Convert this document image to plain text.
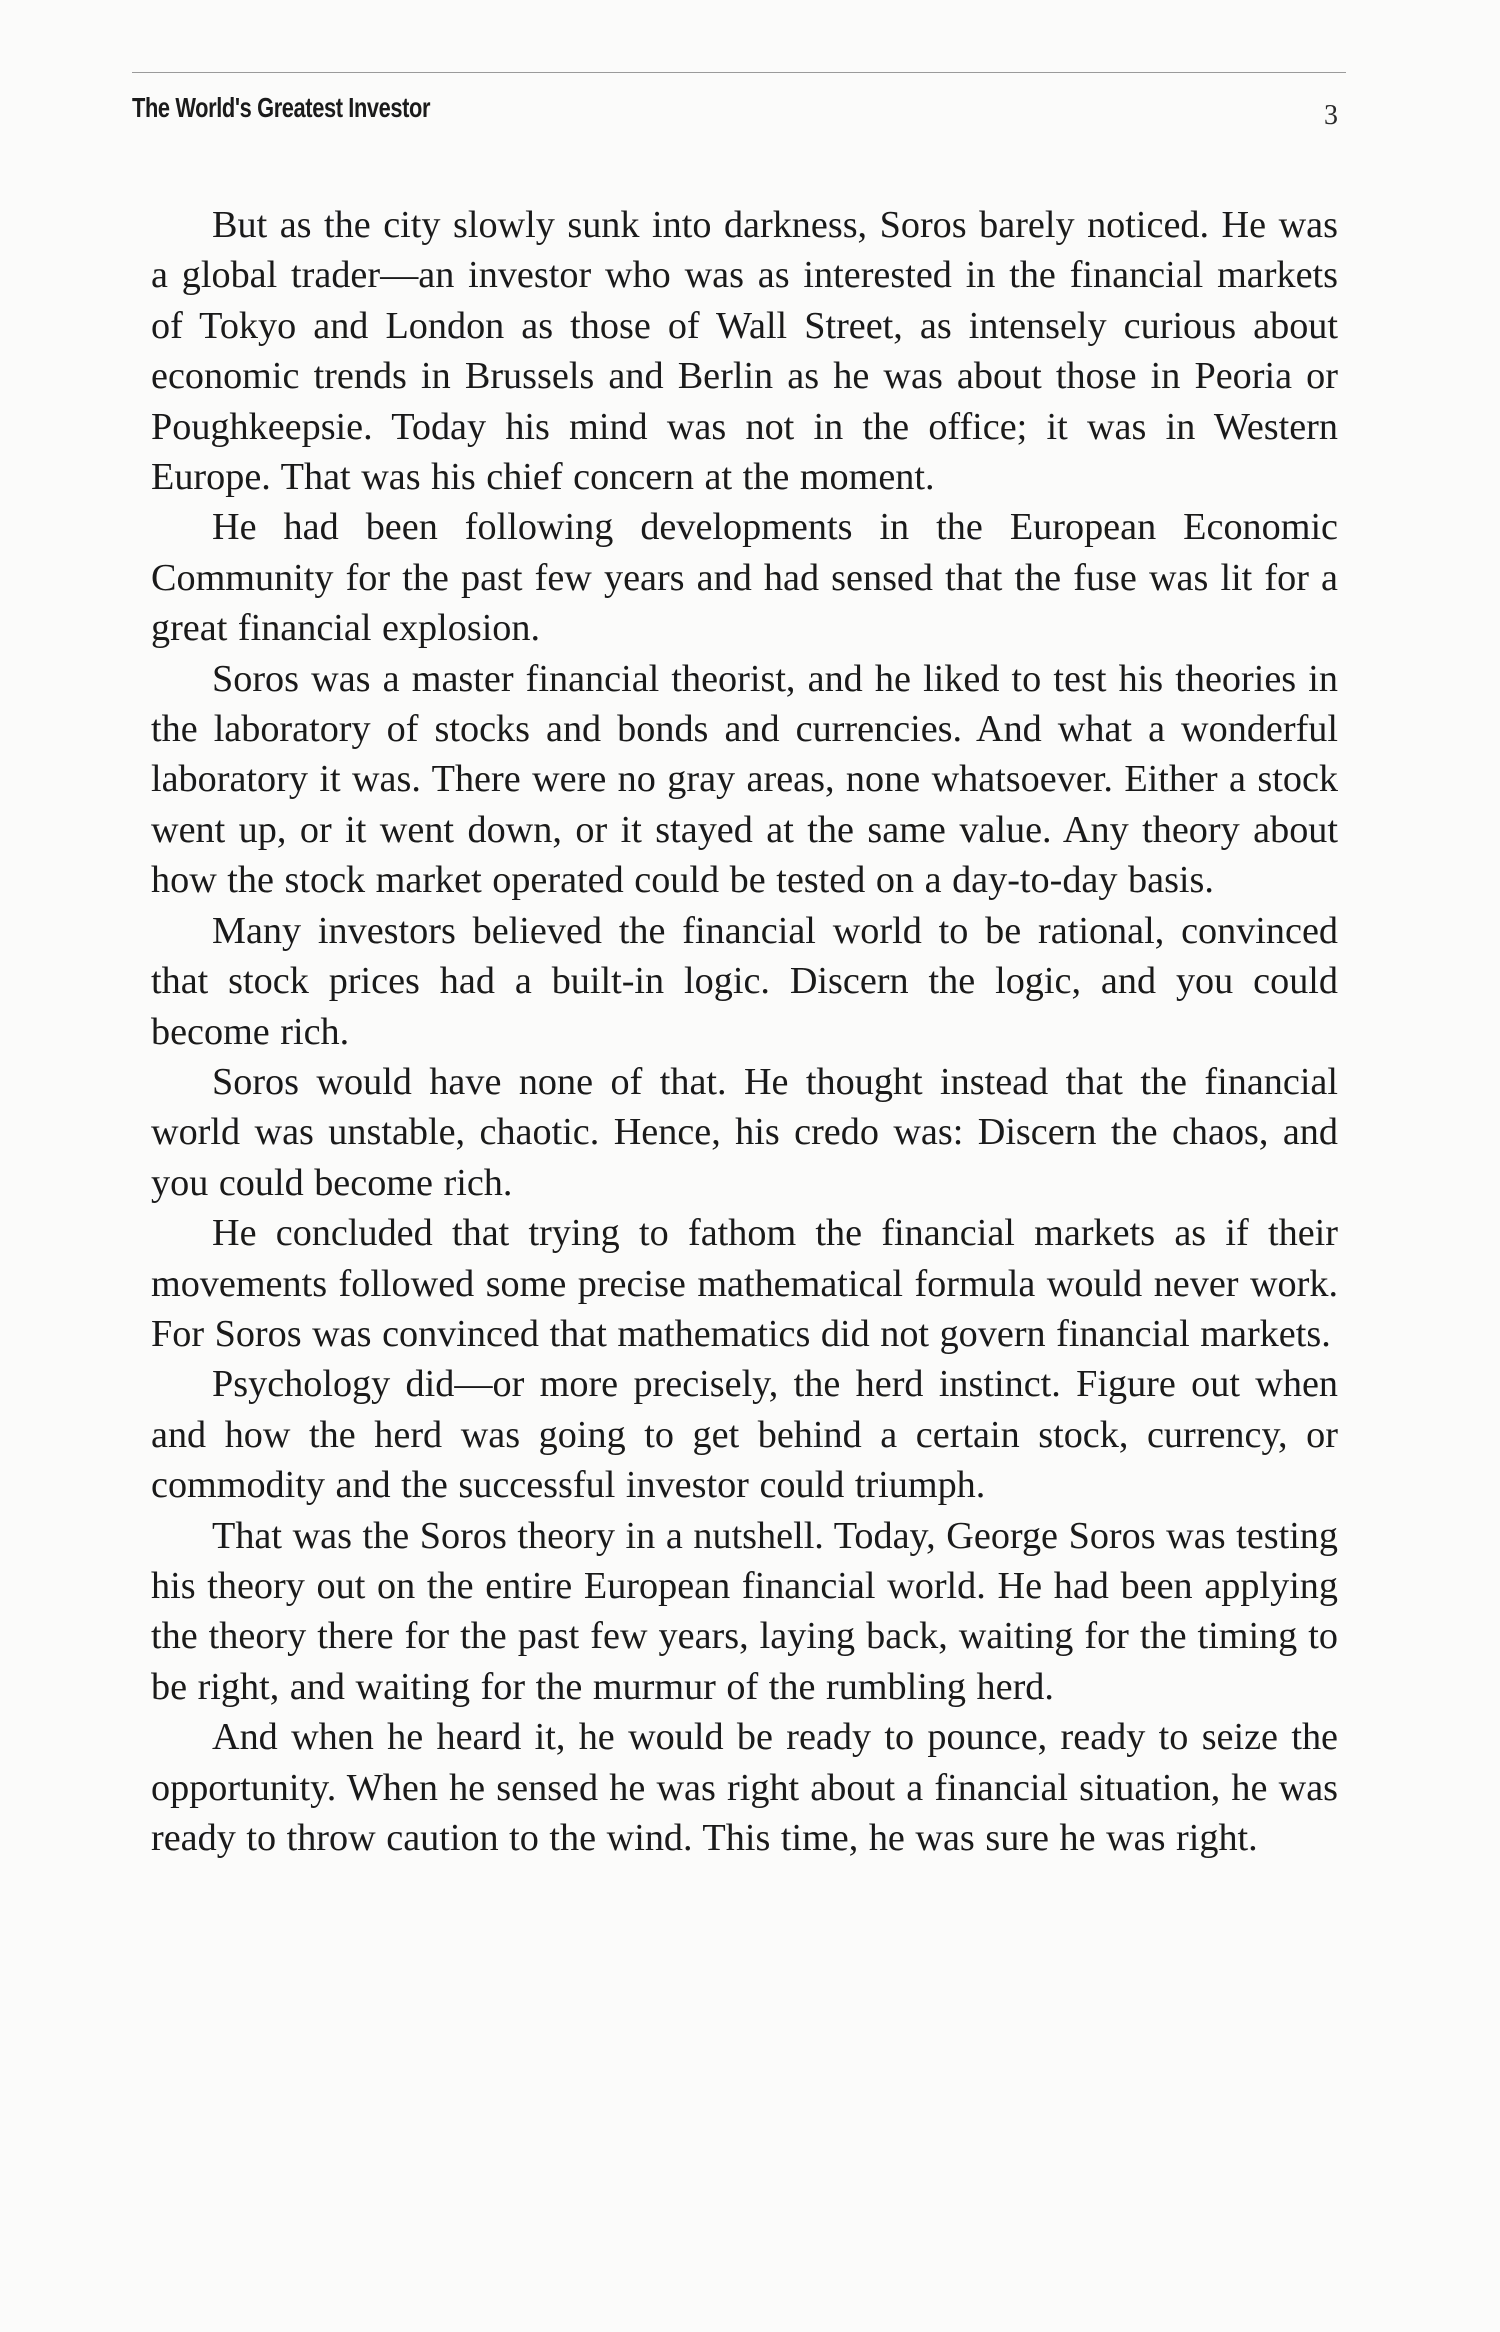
The World's Greatest Investor	3

But as the city slowly sunk into darkness, Soros barely noticed. He was a global trader—an investor who was as interested in the financial markets of Tokyo and London as those of Wall Street, as intensely curious about economic trends in Brussels and Berlin as he was about those in Peoria or Poughkeepsie. Today his mind was not in the office; it was in Western Europe. That was his chief concern at the moment.

He had been following developments in the European Economic Community for the past few years and had sensed that the fuse was lit for a great financial explosion.

Soros was a master financial theorist, and he liked to test his theories in the laboratory of stocks and bonds and currencies. And what a wonderful laboratory it was. There were no gray areas, none whatsoever. Either a stock went up, or it went down, or it stayed at the same value. Any theory about how the stock market operated could be tested on a day-to-day basis.

Many investors believed the financial world to be rational, convinced that stock prices had a built-in logic. Discern the logic, and you could become rich.

Soros would have none of that. He thought instead that the financial world was unstable, chaotic. Hence, his credo was: Discern the chaos, and you could become rich.

He concluded that trying to fathom the financial markets as if their movements followed some precise mathematical formula would never work. For Soros was convinced that mathematics did not govern financial markets.

Psychology did—or more precisely, the herd instinct. Figure out when and how the herd was going to get behind a certain stock, currency, or commodity and the successful investor could triumph.

That was the Soros theory in a nutshell. Today, George Soros was testing his theory out on the entire European financial world. He had been applying the theory there for the past few years, laying back, waiting for the timing to be right, and waiting for the murmur of the rumbling herd.

And when he heard it, he would be ready to pounce, ready to seize the opportunity. When he sensed he was right about a financial situation, he was ready to throw caution to the wind. This time, he was sure he was right.
